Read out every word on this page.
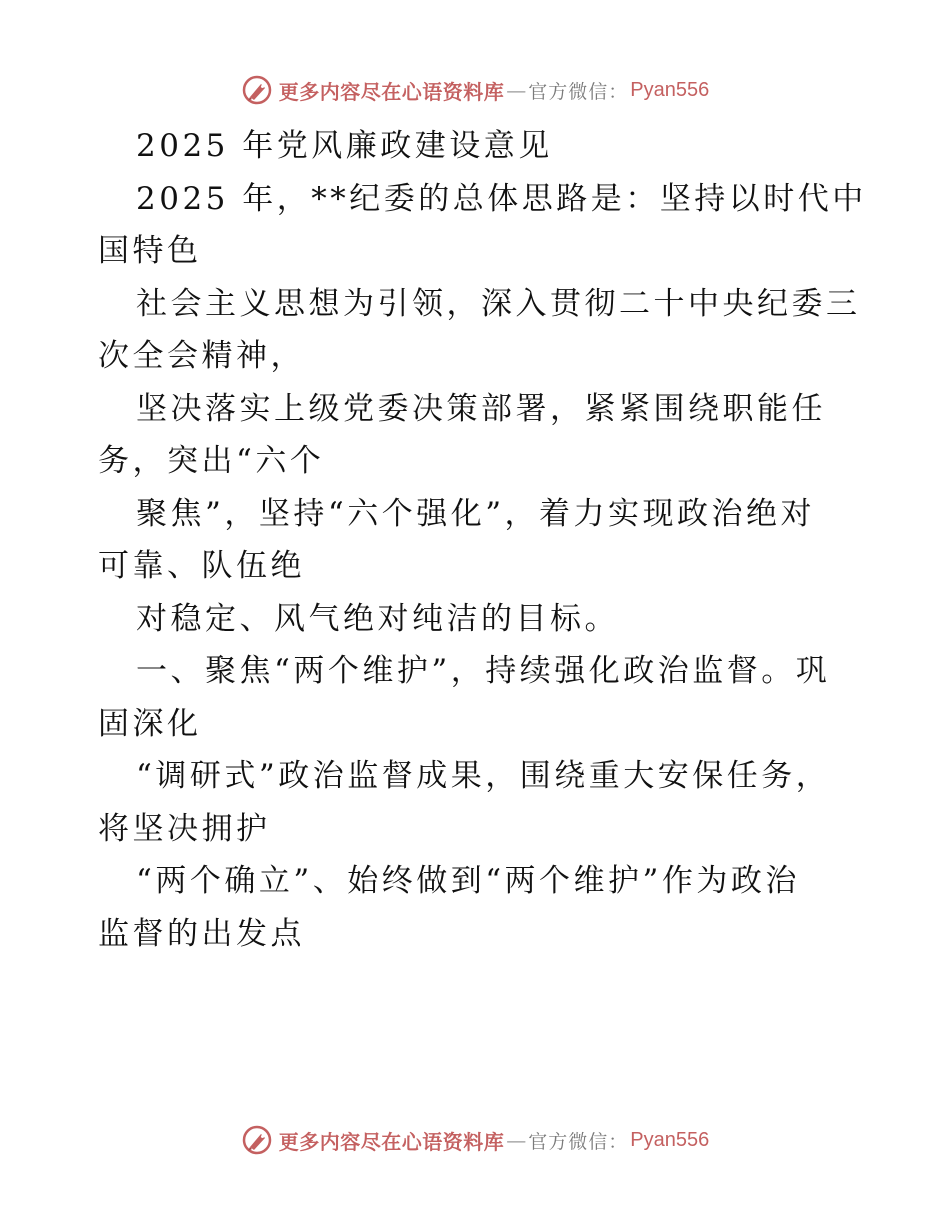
更多内容尽在心语资料库 — 官方微信： Pyan556
2025 年党风廉政建设意见
2025 年，**纪委的总体思路是：坚持以时代中
国特色
社会主义思想为引领，深入贯彻二十中央纪委三
次全会精神，
坚决落实上级党委决策部署，紧紧围绕职能任
务，突出“六个
聚焦”，坚持“六个强化”，着力实现政治绝对
可靠、队伍绝
对稳定、风气绝对纯洁的目标。
一、聚焦“两个维护”，持续强化政治监督。巩
固深化
“调研式”政治监督成果，围绕重大安保任务，
将坚决拥护
“两个确立”、始终做到“两个维护”作为政治
监督的出发点
更多内容尽在心语资料库 — 官方微信： Pyan556
